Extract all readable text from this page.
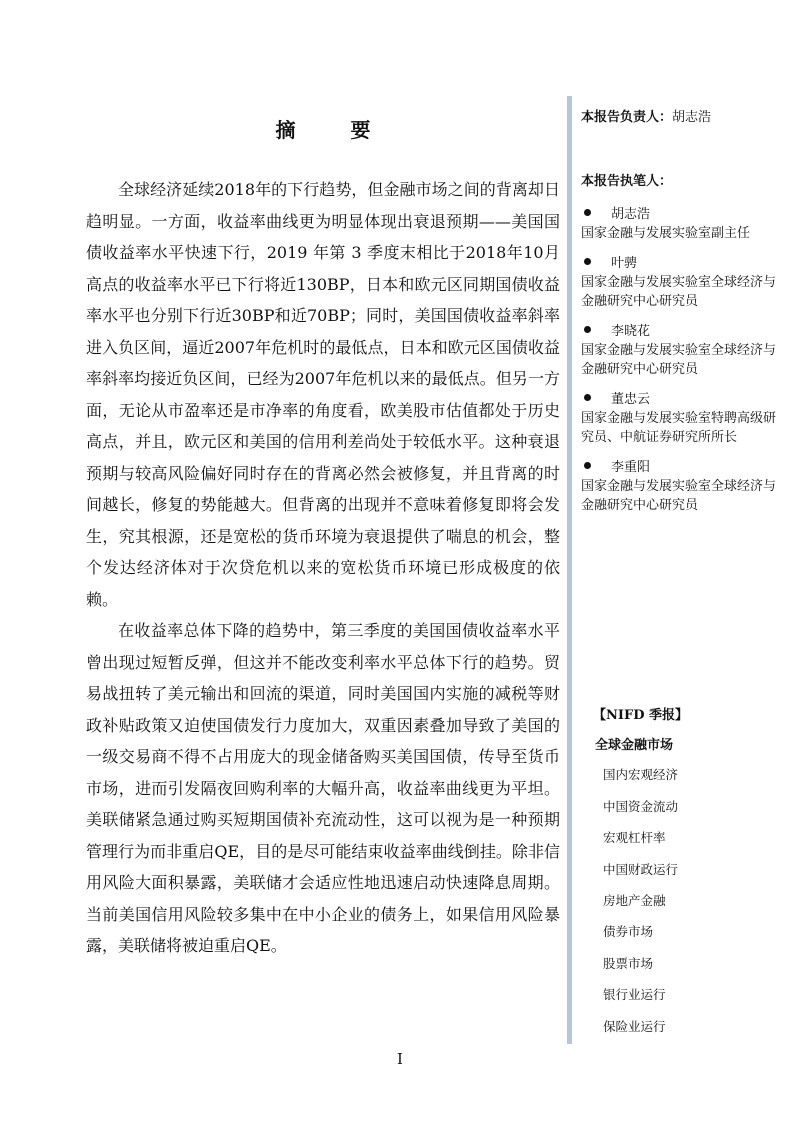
摘 要

全球经济延续2018年的下行趋势，但金融市场之间的背离却日趋明显。一方面，收益率曲线更为明显体现出衰退预期——美国国债收益率水平快速下行，2019 年第 3 季度末相比于2018年10月高点的收益率水平已下行将近130BP，日本和欧元区同期国债收益率水平也分别下行近30BP和近70BP；同时，美国国债收益率斜率进入负区间，逼近2007年危机时的最低点，日本和欧元区国债收益率斜率均接近负区间，已经为2007年危机以来的最低点。但另一方面，无论从市盈率还是市净率的角度看，欧美股市估值都处于历史高点，并且，欧元区和美国的信用利差尚处于较低水平。这种衰退预期与较高风险偏好同时存在的背离必然会被修复，并且背离的时间越长，修复的势能越大。但背离的出现并不意味着修复即将会发生，究其根源，还是宽松的货币环境为衰退提供了喘息的机会，整个发达经济体对于次贷危机以来的宽松货币环境已形成极度的依赖。

在收益率总体下降的趋势中，第三季度的美国国债收益率水平曾出现过短暂反弹，但这并不能改变利率水平总体下行的趋势。贸易战扭转了美元输出和回流的渠道，同时美国国内实施的减税等财政补贴政策又迫使国债发行力度加大，双重因素叠加导致了美国的一级交易商不得不占用庞大的现金储备购买美国国债，传导至货币市场，进而引发隔夜回购利率的大幅升高，收益率曲线更为平坦。美联储紧急通过购买短期国债补充流动性，这可以视为是一种预期管理行为而非重启QE，目的是尽可能结束收益率曲线倒挂。除非信用风险大面积暴露，美联储才会适应性地迅速启动快速降息周期。当前美国信用风险较多集中在中小企业的债务上，如果信用风险暴露，美联储将被迫重启QE。

本报告负责人：胡志浩
本报告执笔人：
胡志浩
国家金融与发展实验室副主任
叶骋
国家金融与发展实验室全球经济与金融研究中心研究员
李晓花
国家金融与发展实验室全球经济与金融研究中心研究员
董忠云
国家金融与发展实验室特聘高级研究员、中航证券研究所所长
李重阳
国家金融与发展实验室全球经济与金融研究中心研究员
【NIFD 季报】
全球金融市场
国内宏观经济
中国资金流动
宏观杠杆率
中国财政运行
房地产金融
债券市场
股票市场
银行业运行
保险业运行
I
